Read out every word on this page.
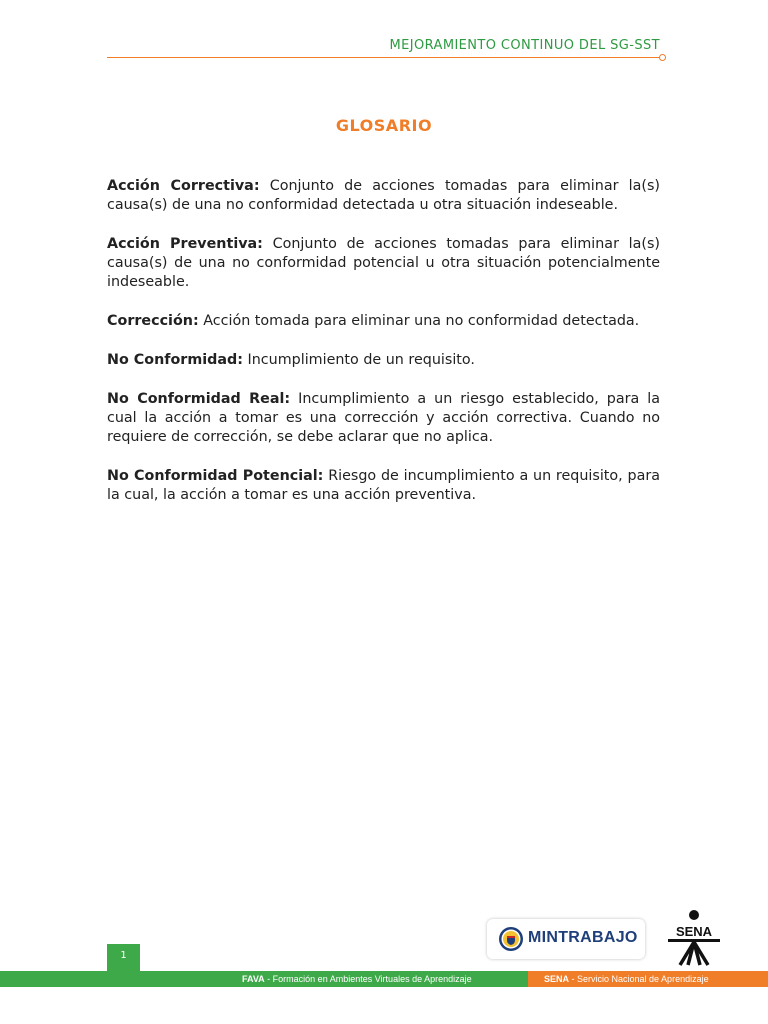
MEJORAMIENTO CONTINUO DEL SG-SST
GLOSARIO

Acción Correctiva: Conjunto de acciones tomadas para eliminar la(s) causa(s) de una no conformidad detectada u otra situación indeseable.

Acción Preventiva: Conjunto de acciones tomadas para eliminar la(s) causa(s) de una no conformidad potencial u otra situación potencialmente indeseable.

Corrección: Acción tomada para eliminar una no conformidad detectada.

No Conformidad: Incumplimiento de un requisito.

No Conformidad Real: Incumplimiento a un riesgo establecido, para la cual la acción a tomar es una corrección y acción correctiva. Cuando no requiere de corrección, se debe aclarar que no aplica.

No Conformidad Potencial: Riesgo de incumplimiento a un requisito, para la cual, la acción a tomar es una acción preventiva.

MINTRABAJO	SENA
1
FAVA - Formación en Ambientes Virtuales de Aprendizaje	SENA - Servicio Nacional de Aprendizaje
